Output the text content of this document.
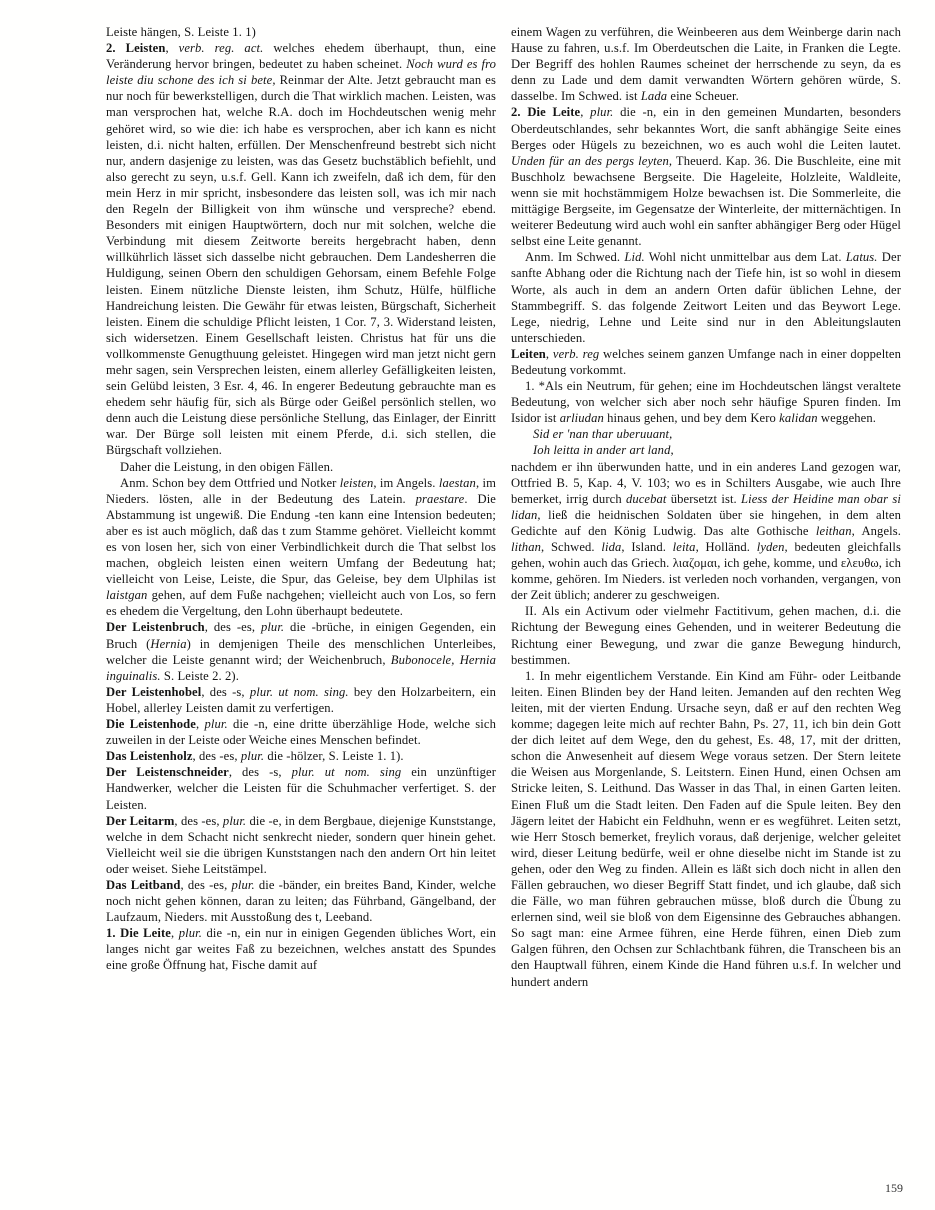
Leiste hängen, S. Leiste 1. 1)

2. Leisten, verb. reg. act. welches ehedem überhaupt, thun, eine Veränderung hervor bringen, bedeutet zu haben scheinet. Noch wurd es fro leiste diu schone des ich si bete, Reinmar der Alte. Jetzt gebraucht man es nur noch für bewerkstelligen, durch die That wirklich machen. Leisten, was man versprochen hat, welche R.A. doch im Hochdeutschen wenig mehr gehöret wird, so wie die: ich habe es versprochen, aber ich kann es nicht leisten, d.i. nicht halten, erfüllen. Der Menschenfreund bestrebt sich nicht nur, andern dasjenige zu leisten, was das Gesetz buchstäblich befiehlt, und also gerecht zu seyn, u.s.f. Gell. Kann ich zweifeln, daß ich dem, für den mein Herz in mir spricht, insbesondere das leisten soll, was ich mir nach den Regeln der Billigkeit von ihm wünsche und verspreche? ebend. Besonders mit einigen Hauptwörtern, doch nur mit solchen, welche die Verbindung mit diesem Zeitworte bereits hergebracht haben, denn willkührlich lässet sich dasselbe nicht gebrauchen. Dem Landesherren die Huldigung, seinen Obern den schuldigen Gehorsam, einem Befehle Folge leisten. Einem nützliche Dienste leisten, ihm Schutz, Hülfe, hülfliche Handreichung leisten. Die Gewähr für etwas leisten, Bürgschaft, Sicherheit leisten. Einem die schuldige Pflicht leisten, 1 Cor. 7, 3. Widerstand leisten, sich widersetzen. Einem Gesellschaft leisten. Christus hat für uns die vollkommenste Genugthuung geleistet. Hingegen wird man jetzt nicht gern mehr sagen, sein Versprechen leisten, einem allerley Gefälligkeiten leisten, sein Gelübd leisten, 3 Esr. 4, 46. In engerer Bedeutung gebrauchte man es ehedem sehr häufig für, sich als Bürge oder Geißel persönlich stellen, wo denn auch die Leistung diese persönliche Stellung, das Einlager, der Einritt war. Der Bürge soll leisten mit einem Pferde, d.i. sich stellen, die Bürgschaft vollziehen.

Daher die Leistung, in den obigen Fällen.

Anm. Schon bey dem Ottfried und Notker leisten, im Angels. laestan, im Nieders. lösten, alle in der Bedeutung des Latein. praestare. Die Abstammung ist ungewiß. Die Endung -ten kann eine Intension bedeuten; aber es ist auch möglich, daß das t zum Stamme gehöret. Vielleicht kommt es von losen her, sich von einer Verbindlichkeit durch die That selbst los machen, obgleich leisten einen weitern Umfang der Bedeutung hat; vielleicht von Leise, Leiste, die Spur, das Geleise, bey dem Ulphilas ist laistgan gehen, auf dem Fuße nachgehen; vielleicht auch von Los, so fern es ehedem die Vergeltung, den Lohn überhaupt bedeutete.

Der Leistenbruch, des -es, plur. die -brüche, in einigen Gegenden, ein Bruch (Hernia) in demjenigen Theile des menschlichen Unterleibes, welcher die Leiste genannt wird; der Weichenbruch, Bubonocele, Hernia inguinalis. S. Leiste 2. 2).

Der Leistenhobel, des -s, plur. ut nom. sing. bey den Holzarbeitern, ein Hobel, allerley Leisten damit zu verfertigen.

Die Leistenhode, plur. die -n, eine dritte überzählige Hode, welche sich zuweilen in der Leiste oder Weiche eines Menschen befindet.

Das Leistenholz, des -es, plur. die -hölzer, S. Leiste 1. 1).

Der Leistenschneider, des -s, plur. ut nom. sing ein unzünftiger Handwerker, welcher die Leisten für die Schuhmacher verfertiget. S. der Leisten.

Der Leitarm, des -es, plur. die -e, in dem Bergbaue, diejenige Kunststange, welche in dem Schacht nicht senkrecht nieder, sondern quer hinein gehet. Vielleicht weil sie die übrigen Kunststangen nach den andern Ort hin leitet oder weiset. Siehe Leitstämpel.

Das Leitband, des -es, plur. die -bänder, ein breites Band, Kinder, welche noch nicht gehen können, daran zu leiten; das Führband, Gängelband, der Laufzaum, Nieders. mit Ausstoßung des t, Leeband.

1. Die Leite, plur. die -n, ein nur in einigen Gegenden übliches Wort, ein langes nicht gar weites Faß zu bezeichnen, welches anstatt des Spundes eine große Öffnung hat, Fische damit auf

einem Wagen zu verführen, die Weinbeeren aus dem Weinberge darin nach Hause zu fahren, u.s.f. Im Oberdeutschen die Laite, in Franken die Legte. Der Begriff des hohlen Raumes scheinet der herrschende zu seyn, da es denn zu Lade und dem damit verwandten Wörtern gehören würde, S. dasselbe. Im Schwed. ist Lada eine Scheuer.

2. Die Leite, plur. die -n, ein in den gemeinen Mundarten, besonders Oberdeutschlandes, sehr bekanntes Wort, die sanft abhängige Seite eines Berges oder Hügels zu bezeichnen, wo es auch wohl die Leiten lautet. Unden für an des pergs leyten, Theuerd. Kap. 36. Die Buschleite, eine mit Buschholz bewachsene Bergseite. Die Hageleite, Holzleite, Waldleite, wenn sie mit hochstämmigem Holze bewachsen ist. Die Sommerleite, die mittägige Bergseite, im Gegensatze der Winterleite, der mitternächtigen. In weiterer Bedeutung wird auch wohl ein sanfter abhängiger Berg oder Hügel selbst eine Leite genannt.

Anm. Im Schwed. Lid. Wohl nicht unmittelbar aus dem Lat. Latus. Der sanfte Abhang oder die Richtung nach der Tiefe hin, ist so wohl in diesem Worte, als auch in dem an andern Orten dafür üblichen Lehne, der Stammbegriff. S. das folgende Zeitwort Leiten und das Beywort Lege. Lege, niedrig, Lehne und Leite sind nur in den Ableitungslauten unterschieden.

Leiten, verb. reg welches seinem ganzen Umfange nach in einer doppelten Bedeutung vorkommt.

1. *Als ein Neutrum, für gehen; eine im Hochdeutschen längst veraltete Bedeutung, von welcher sich aber noch sehr häufige Spuren finden. Im Isidor ist arliudan hinaus gehen, und bey dem Kero kalidan weggehen.

Sid er 'nan thar uberuuant,

Ioh leitta in ander art land,

nachdem er ihn überwunden hatte, und in ein anderes Land gezogen war, Ottfried B. 5, Kap. 4, V. 103; wo es in Schilters Ausgabe, wie auch Ihre bemerket, irrig durch ducebat übersetzt ist. Liess der Heidine man obar si lidan, ließ die heidnischen Soldaten über sie hingehen, in dem alten Gedichte auf den König Ludwig. Das alte Gothische leithan, Angels. lithan, Schwed. lida, Island. leita, Holländ. lyden, bedeuten gleichfalls gehen, wohin auch das Griech. λιαζομαι, ich gehe, komme, und ελευθω, ich komme, gehören. Im Nieders. ist verleden noch vorhanden, vergangen, von der Zeit üblich; anderer zu geschweigen.

II. Als ein Activum oder vielmehr Factitivum, gehen machen, d.i. die Richtung der Bewegung eines Gehenden, und in weiterer Bedeutung die Richtung einer Bewegung, und zwar die ganze Bewegung hindurch, bestimmen.

1. In mehr eigentlichem Verstande. Ein Kind am Führ- oder Leitbande leiten. Einen Blinden bey der Hand leiten. Jemanden auf den rechten Weg leiten, mit der vierten Endung. Ursache seyn, daß er auf den rechten Weg komme; dagegen leite mich auf rechter Bahn, Ps. 27, 11, ich bin dein Gott der dich leitet auf dem Wege, den du gehest, Es. 48, 17, mit der dritten, schon die Anwesenheit auf diesem Wege voraus setzen. Der Stern leitete die Weisen aus Morgenlande, S. Leitstern. Einen Hund, einen Ochsen am Stricke leiten, S. Leithund. Das Wasser in das Thal, in einen Garten leiten. Einen Fluß um die Stadt leiten. Den Faden auf die Spule leiten. Bey den Jägern leitet der Habicht ein Feldhuhn, wenn er es wegführet. Leiten setzt, wie Herr Stosch bemerket, freylich voraus, daß derjenige, welcher geleitet wird, dieser Leitung bedürfe, weil er ohne dieselbe nicht im Stande ist zu gehen, oder den Weg zu finden. Allein es läßt sich doch nicht in allen den Fällen gebrauchen, wo dieser Begriff Statt findet, und ich glaube, daß sich die Fälle, wo man führen gebrauchen müsse, bloß durch die Übung zu erlernen sind, weil sie bloß von dem Eigensinne des Gebrauches abhangen. So sagt man: eine Armee führen, eine Herde führen, einen Dieb zum Galgen führen, den Ochsen zur Schlachtbank führen, die Transcheen bis an den Hauptwall führen, einem Kinde die Hand führen u.s.f. In welcher und hundert andern

159
